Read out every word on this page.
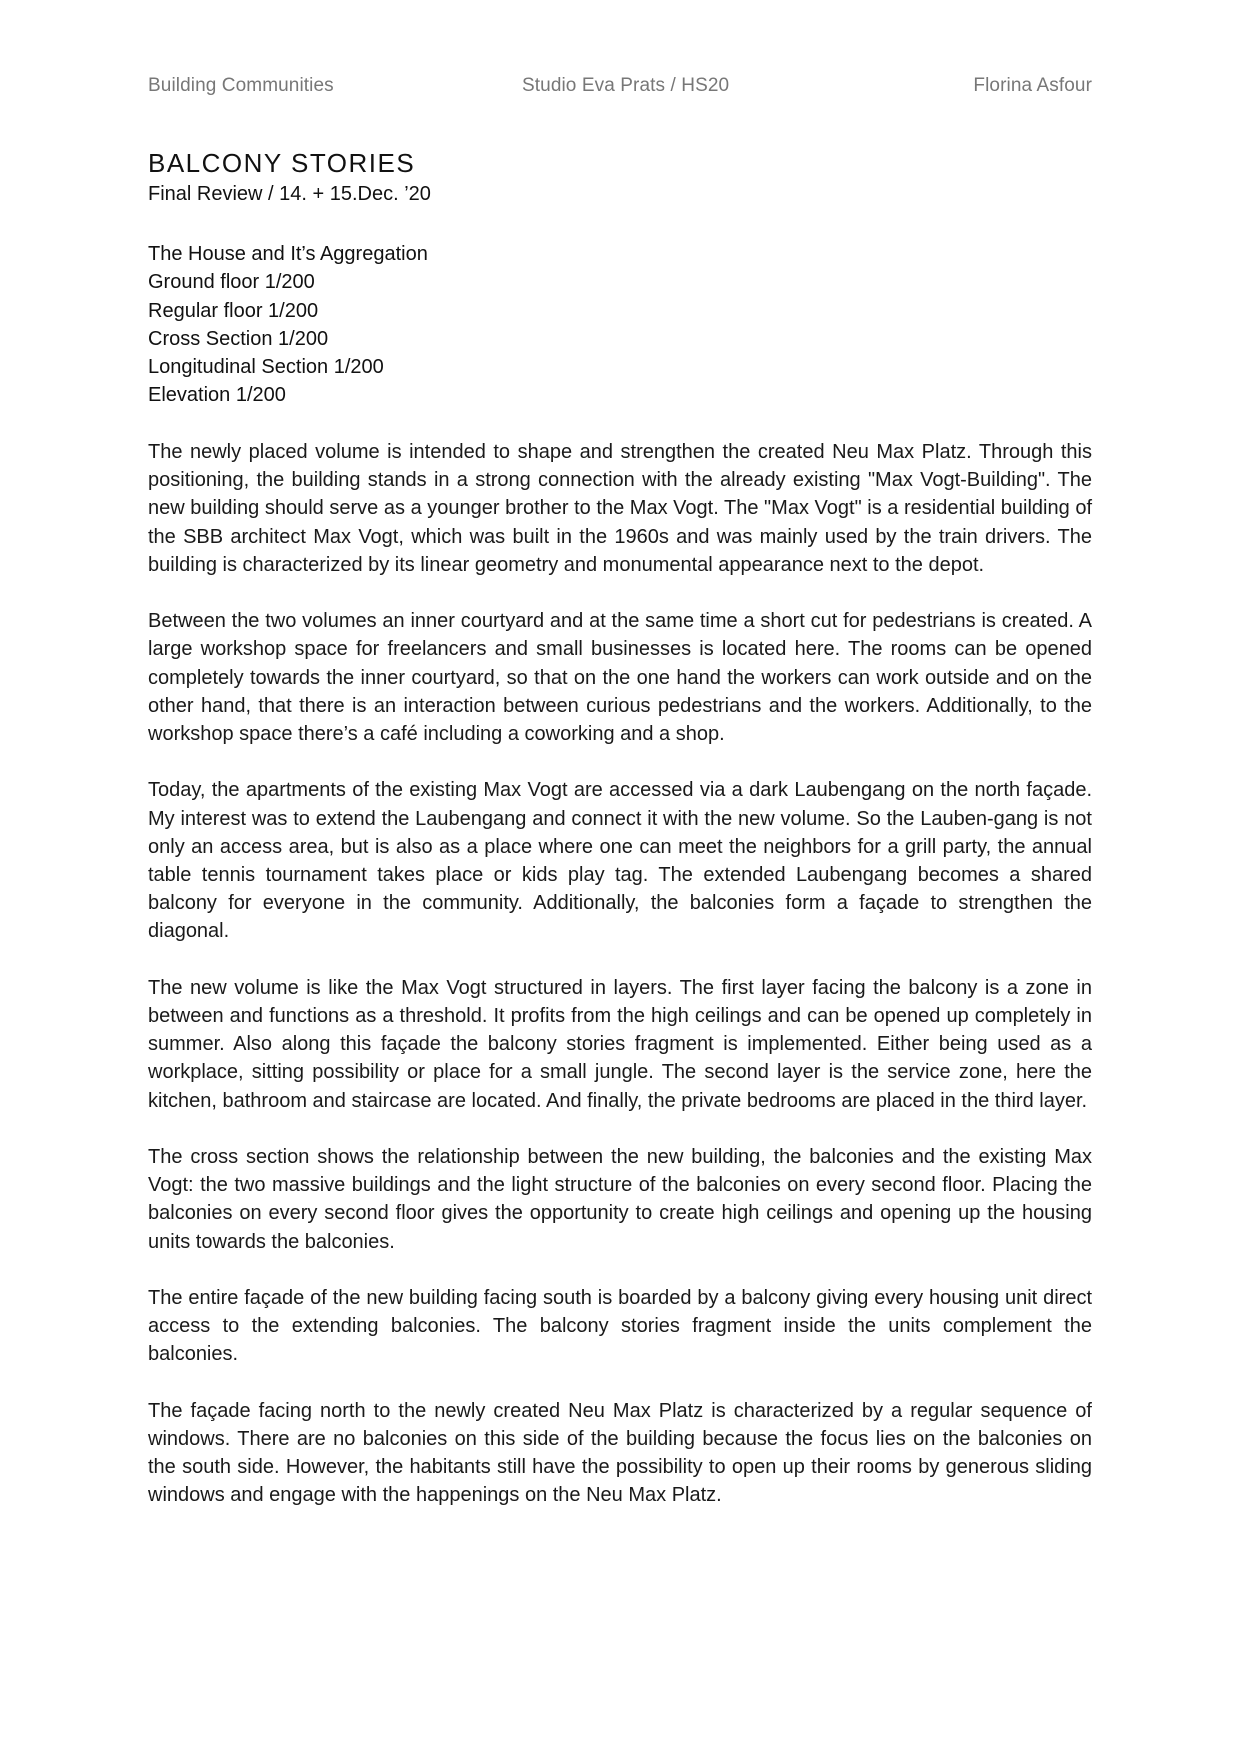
Building Communities	Studio Eva Prats / HS20	Florina Asfour
BALCONY STORIES

Final Review / 14. + 15.Dec. ’20

The House and It’s Aggregation
Ground floor 1/200
Regular floor 1/200
Cross Section 1/200
Longitudinal Section 1/200
Elevation 1/200

The newly placed volume is intended to shape and strengthen the created Neu Max Platz. Through this positioning, the building stands in a strong connection with the already existing "Max Vogt-Building". The new building should serve as a younger brother to the Max Vogt. The "Max Vogt" is a residential building of the SBB architect Max Vogt, which was built in the 1960s and was mainly used by the train drivers. The building is characterized by its linear geometry and monumental appearance next to the depot.

Between the two volumes an inner courtyard and at the same time a short cut for pedestrians is created. A large workshop space for freelancers and small businesses is located here. The rooms can be opened completely towards the inner courtyard, so that on the one hand the workers can work outside and on the other hand, that there is an interaction between curious pedestrians and the workers. Additionally, to the workshop space there’s a café including a coworking and a shop.

Today, the apartments of the existing Max Vogt are accessed via a dark Laubengang on the north façade. My interest was to extend the Laubengang and connect it with the new volume. So the Lauben-gang is not only an access area, but is also as a place where one can meet the neighbors for a grill party, the annual table tennis tournament takes place or kids play tag. The extended Laubengang becomes a shared balcony for everyone in the community. Additionally, the balconies form a façade to strengthen the diagonal.

The new volume is like the Max Vogt structured in layers. The first layer facing the balcony is a zone in between and functions as a threshold. It profits from the high ceilings and can be opened up completely in summer. Also along this façade the balcony stories fragment is implemented. Either being used as a workplace, sitting possibility or place for a small jungle. The second layer is the service zone, here the kitchen, bathroom and staircase are located. And finally, the private bedrooms are placed in the third layer.

The cross section shows the relationship between the new building, the balconies and the existing Max Vogt: the two massive buildings and the light structure of the balconies on every second floor. Placing the balconies on every second floor gives the opportunity to create high ceilings and opening up the housing units towards the balconies.

The entire façade of the new building facing south is boarded by a balcony giving every housing unit direct access to the extending balconies. The balcony stories fragment inside the units complement the balconies.

The façade facing north to the newly created Neu Max Platz is characterized by a regular sequence of windows. There are no balconies on this side of the building because the focus lies on the balconies on the south side. However, the habitants still have the possibility to open up their rooms by generous sliding windows and engage with the happenings on the Neu Max Platz.
